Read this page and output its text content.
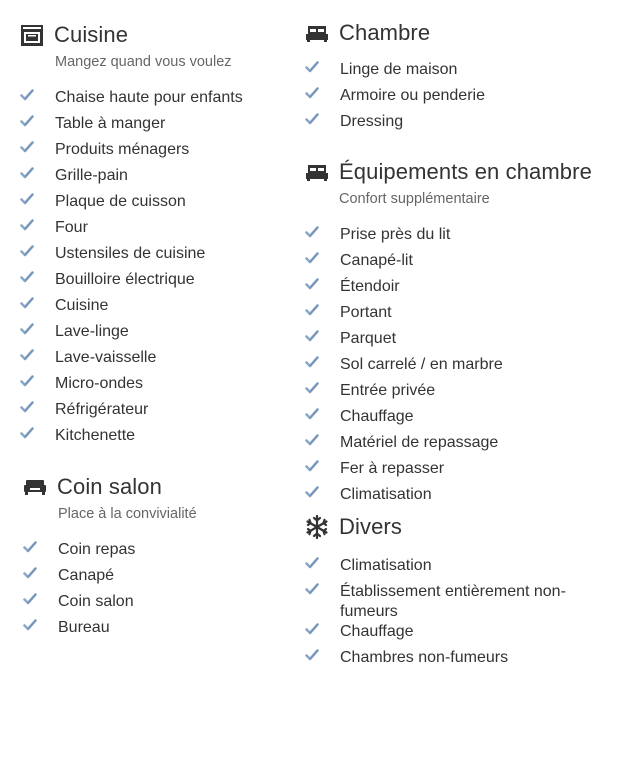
Cuisine
Mangez quand vous voulez
Chaise haute pour enfants
Table à manger
Produits ménagers
Grille-pain
Plaque de cuisson
Four
Ustensiles de cuisine
Bouilloire électrique
Cuisine
Lave-linge
Lave-vaisselle
Micro-ondes
Réfrigérateur
Kitchenette
Coin salon
Place à la convivialité
Coin repas
Canapé
Coin salon
Bureau
Chambre
Linge de maison
Armoire ou penderie
Dressing
Équipements en chambre
Confort supplémentaire
Prise près du lit
Canapé-lit
Étendoir
Portant
Parquet
Sol carrelé / en marbre
Entrée privée
Chauffage
Matériel de repassage
Fer à repasser
Climatisation
Divers
Climatisation
Établissement entièrement non-fumeurs
Chauffage
Chambres non-fumeurs
